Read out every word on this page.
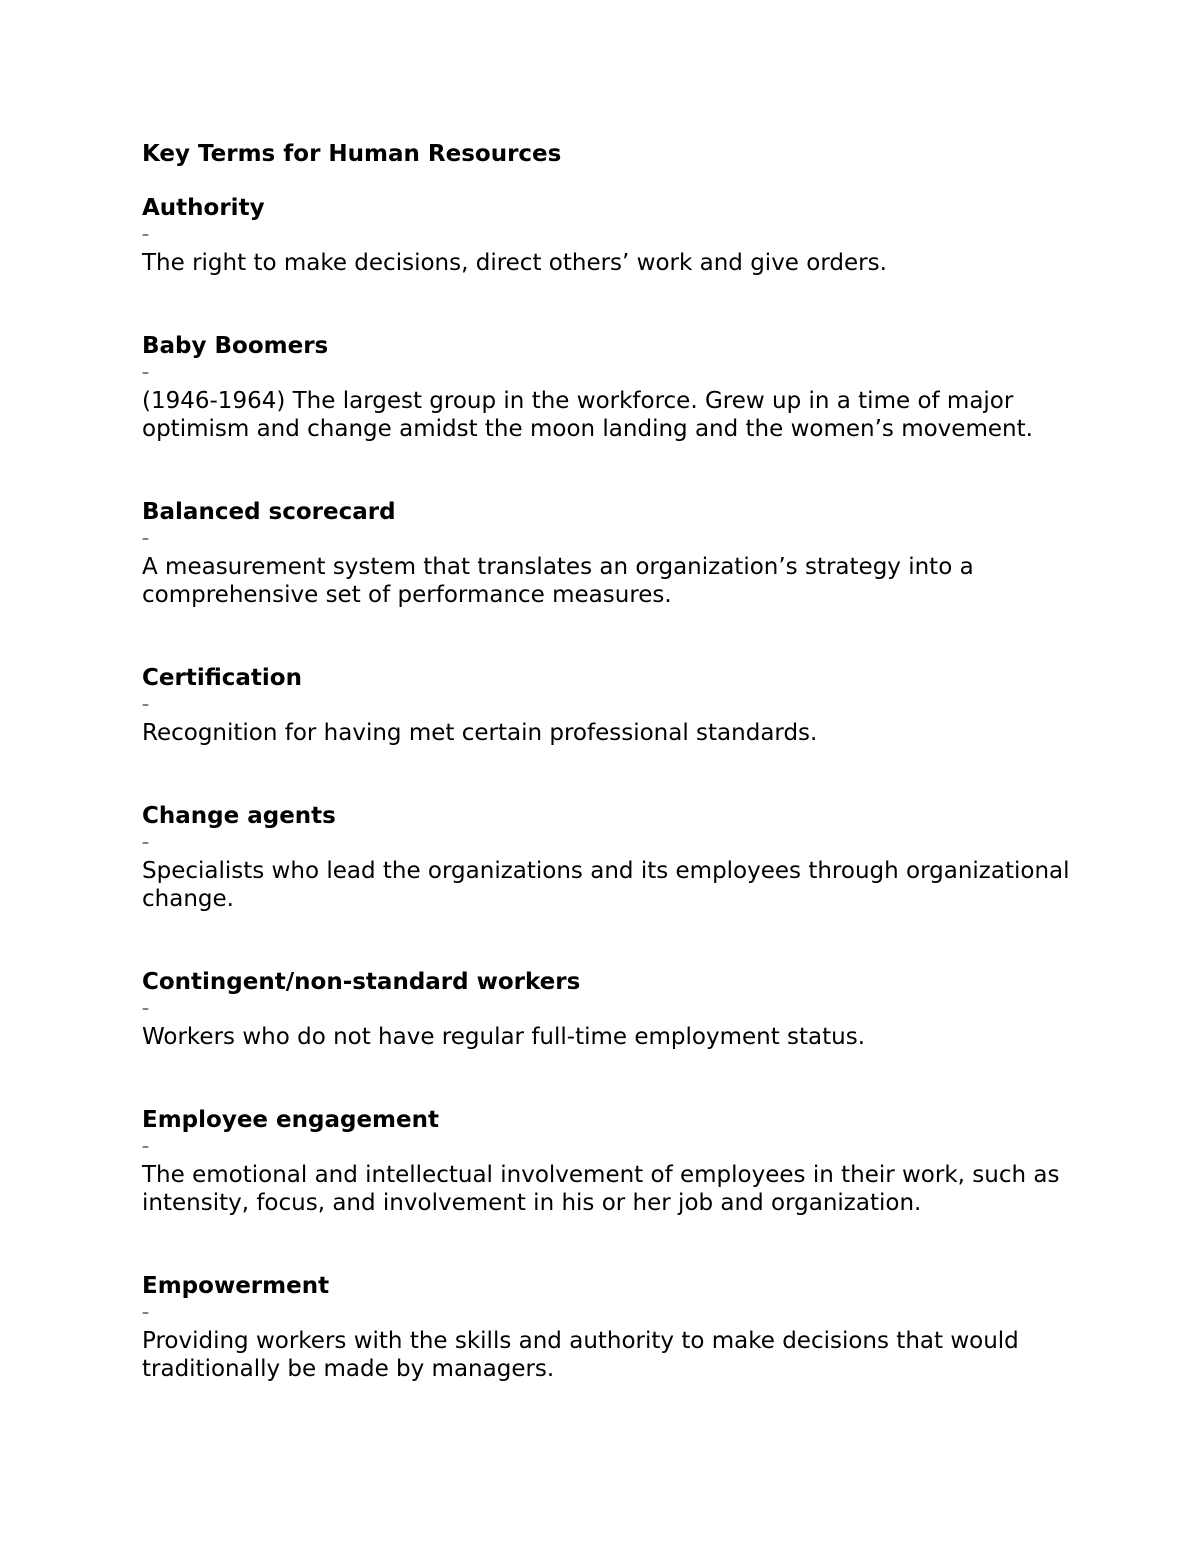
Key Terms for Human Resources

Authority

–

The right to make decisions, direct others’ work and give orders.

Baby Boomers

–

(1946-1964) The largest group in the workforce. Grew up in a time of major optimism and change amidst the moon landing and the women’s movement.

Balanced scorecard

–

A measurement system that translates an organization’s strategy into a comprehensive set of performance measures.

Certification

–

Recognition for having met certain professional standards.

Change agents

–

Specialists who lead the organizations and its employees through organizational change.

Contingent/non-standard workers

–

Workers who do not have regular full-time employment status.

Employee engagement

–

The emotional and intellectual involvement of employees in their work, such as intensity, focus, and involvement in his or her job and organization.

Empowerment

–

Providing workers with the skills and authority to make decisions that would traditionally be made by managers.
